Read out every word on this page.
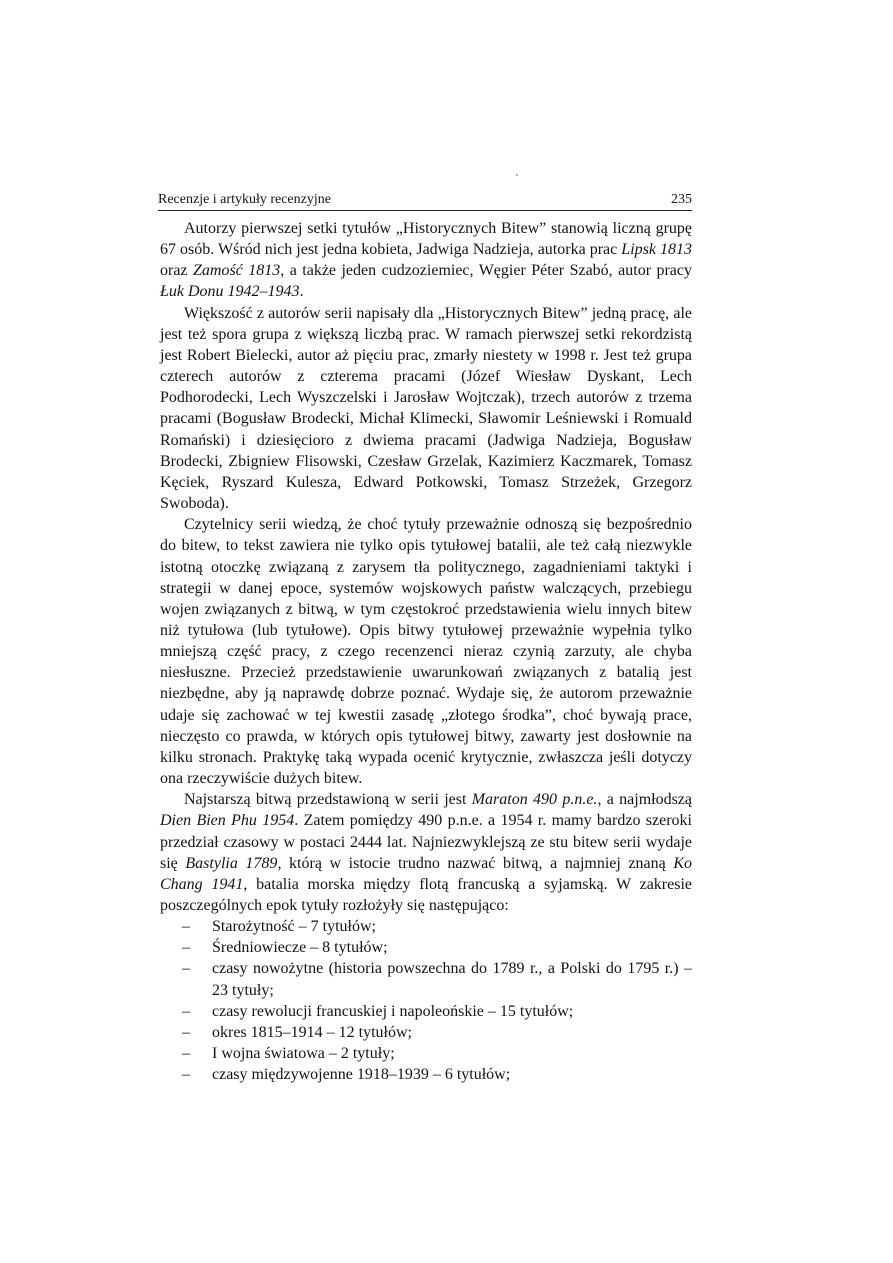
Recenzje i artykuły recenzyjne	235

Autorzy pierwszej setki tytułów „Historycznych Bitew” stanowią liczną grupę 67 osób. Wśród nich jest jedna kobieta, Jadwiga Nadzieja, autorka prac Lipsk 1813 oraz Zamość 1813, a także jeden cudzoziemiec, Węgier Péter Szabó, autor pracy Łuk Donu 1942–1943.

Większość z autorów serii napisały dla „Historycznych Bitew” jedną pracę, ale jest też spora grupa z większą liczbą prac. W ramach pierwszej setki rekordzistą jest Robert Bielecki, autor aż pięciu prac, zmarły niestety w 1998 r. Jest też grupa czterech autorów z czterema pracami (Józef Wiesław Dyskant, Lech Podhorodecki, Lech Wyszczelski i Jarosław Wojtczak), trzech autorów z trzema pracami (Bogusław Brodecki, Michał Klimecki, Sławomir Leśniewski i Romuald Romański) i dziesięcioro z dwiema pracami (Jadwiga Nadzieja, Bogusław Brodecki, Zbigniew Flisowski, Czesław Grzelak, Kazimierz Kaczmarek, Tomasz Kęciek, Ryszard Kulesza, Edward Potkowski, Tomasz Strzeżek, Grzegorz Swoboda).

Czytelnicy serii wiedzą, że choć tytuły przeważnie odnoszą się bezpośrednio do bitew, to tekst zawiera nie tylko opis tytułowej batalii, ale też całą niezwykle istotną otoczkę związaną z zarysem tła politycznego, zagadnieniami taktyki i strategii w danej epoce, systemów wojskowych państw walczących, przebiegu wojen związanych z bitwą, w tym częstokroć przedstawienia wielu innych bitew niż tytułowa (lub tytułowe). Opis bitwy tytułowej przeważnie wypełnia tylko mniejszą część pracy, z czego recenzenci nieraz czynią zarzuty, ale chyba niesłuszne. Przecież przedstawienie uwarunkowań związanych z batalią jest niezbędne, aby ją naprawdę dobrze poznać. Wydaje się, że autorom przeważnie udaje się zachować w tej kwestii zasadę „złotego środka”, choć bywają prace, nieczęsto co prawda, w których opis tytułowej bitwy, zawarty jest dosłownie na kilku stronach. Praktykę taką wypada ocenić krytycznie, zwłaszcza jeśli dotyczy ona rzeczywiście dużych bitew.

Najstarszą bitwą przedstawioną w serii jest Maraton 490 p.n.e., a najmłodszą Dien Bien Phu 1954. Zatem pomiędzy 490 p.n.e. a 1954 r. mamy bardzo szeroki przedział czasowy w postaci 2444 lat. Najniezwyklejszą ze stu bitew serii wydaje się Bastylia 1789, którą w istocie trudno nazwać bitwą, a najmniej znaną Ko Chang 1941, batalia morska między flotą francuską a syjamską. W zakresie poszczególnych epok tytuły rozłożyły się następująco:

– Starożytność – 7 tytułów;
– Średniowiecze – 8 tytułów;
– czasy nowożytne (historia powszechna do 1789 r., a Polski do 1795 r.) – 23 tytuły;
– czasy rewolucji francuskiej i napoleońskie – 15 tytułów;
– okres 1815–1914 – 12 tytułów;
– I wojna światowa – 2 tytuły;
– czasy międzywojenne 1918–1939 – 6 tytułów;
